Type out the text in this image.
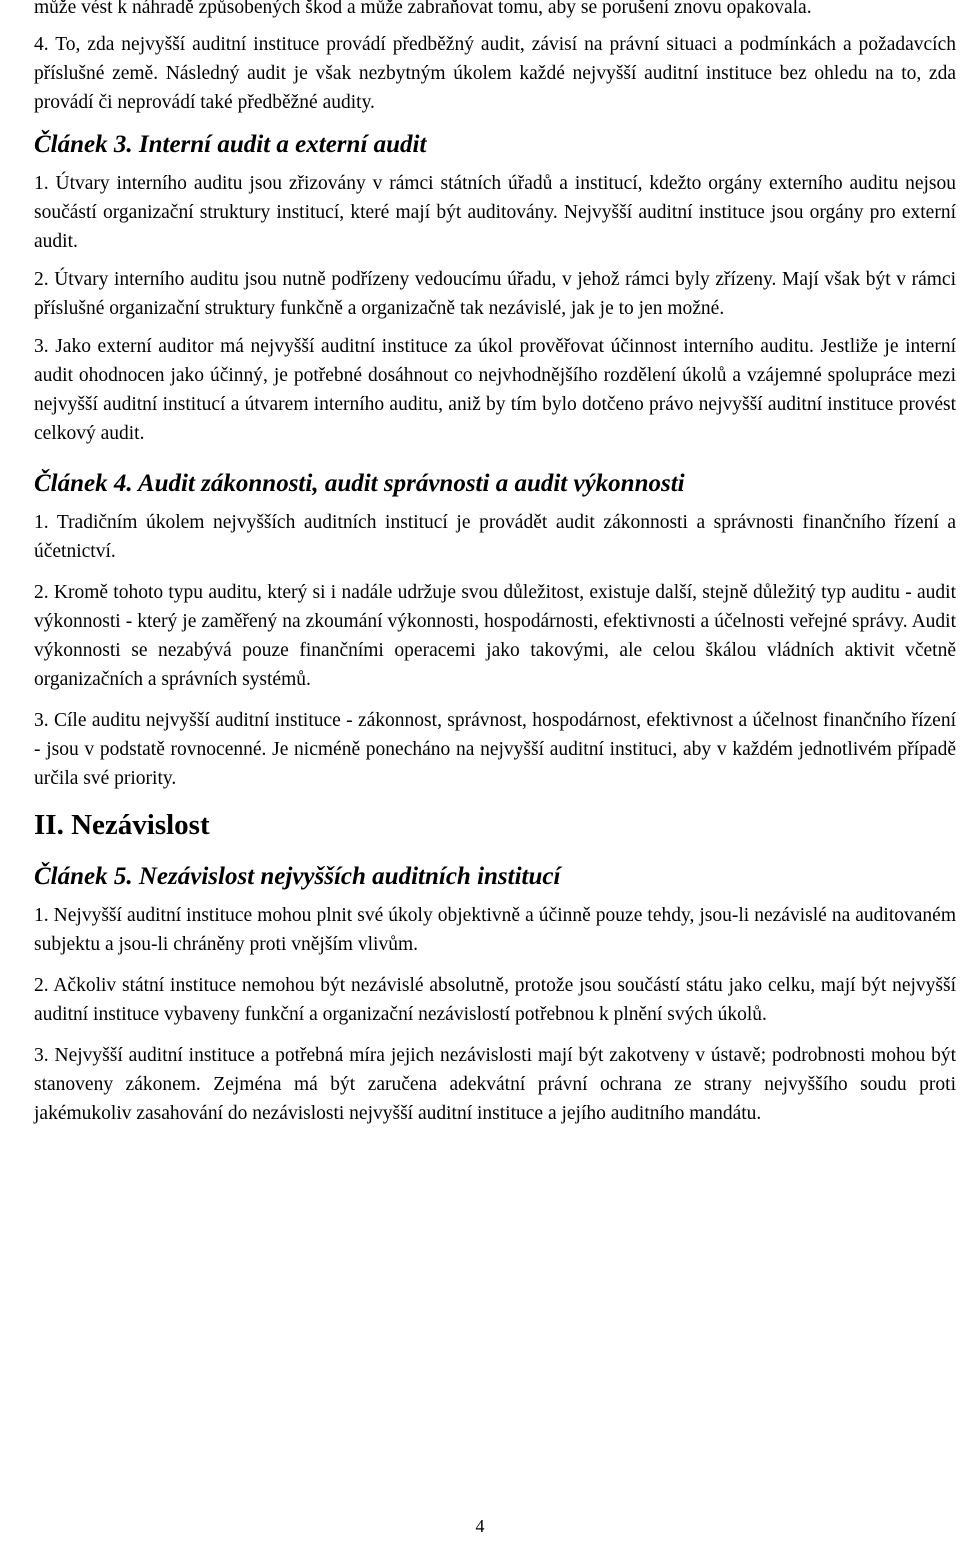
může vést k náhradě způsobených škod a může zabraňovat tomu, aby se porušení znovu opakovala.

4. To, zda nejvyšší auditní instituce provádí předběžný audit, závisí na právní situaci a podmínkách a požadavcích příslušné země. Následný audit je však nezbytným úkolem každé nejvyšší auditní instituce bez ohledu na to, zda provádí či neprovádí také předběžné audity.

Článek 3. Interní audit a externí audit

1. Útvary interního auditu jsou zřizovány v rámci státních úřadů a institucí, kdežto orgány externího auditu nejsou součástí organizační struktury institucí, které mají být auditovány. Nejvyšší auditní instituce jsou orgány pro externí audit.

2. Útvary interního auditu jsou nutně podřízeny vedoucímu úřadu, v jehož rámci byly zřízeny. Mají však být v rámci příslušné organizační struktury funkčně a organizačně tak nezávislé, jak je to jen možné.

3. Jako externí auditor má nejvyšší auditní instituce za úkol prověřovat účinnost interního auditu. Jestliže je interní audit ohodnocen jako účinný, je potřebné dosáhnout co nejvhodnějšího rozdělení úkolů a vzájemné spolupráce mezi nejvyšší auditní institucí a útvarem interního auditu, aniž by tím bylo dotčeno právo nejvyšší auditní instituce provést celkový audit.

Článek 4. Audit zákonnosti, audit správnosti a audit výkonnosti

1. Tradičním úkolem nejvyšších auditních institucí je provádět audit zákonnosti a správnosti finančního řízení a účetnictví.

2. Kromě tohoto typu auditu, který si i nadále udržuje svou důležitost, existuje další, stejně důležitý typ auditu - audit výkonnosti - který je zaměřený na zkoumání výkonnosti, hospodárnosti, efektivnosti a účelnosti veřejné správy. Audit výkonnosti se nezabývá pouze finančními operacemi jako takovými, ale celou škálou vládních aktivit včetně organizačních a správních systémů.

3. Cíle auditu nejvyšší auditní instituce - zákonnost, správnost, hospodárnost, efektivnost a účelnost finančního řízení - jsou v podstatě rovnocenné. Je nicméně ponecháno na nejvyšší auditní instituci, aby v každém jednotlivém případě určila své priority.

II. Nezávislost
Článek 5. Nezávislost nejvyšších auditních institucí

1. Nejvyšší auditní instituce mohou plnit své úkoly objektivně a účinně pouze tehdy, jsou-li nezávislé na auditovaném subjektu a jsou-li chráněny proti vnějším vlivům.

2. Ačkoliv státní instituce nemohou být nezávislé absolutně, protože jsou součástí státu jako celku, mají být nejvyšší auditní instituce vybaveny funkční a organizační nezávislostí potřebnou k plnění svých úkolů.

3. Nejvyšší auditní instituce a potřebná míra jejich nezávislosti mají být zakotveny v ústavě; podrobnosti mohou být stanoveny zákonem. Zejména má být zaručena adekvátní právní ochrana ze strany nejvyššího soudu proti jakémukoliv zasahování do nezávislosti nejvyšší auditní instituce a jejího auditního mandátu.

4
